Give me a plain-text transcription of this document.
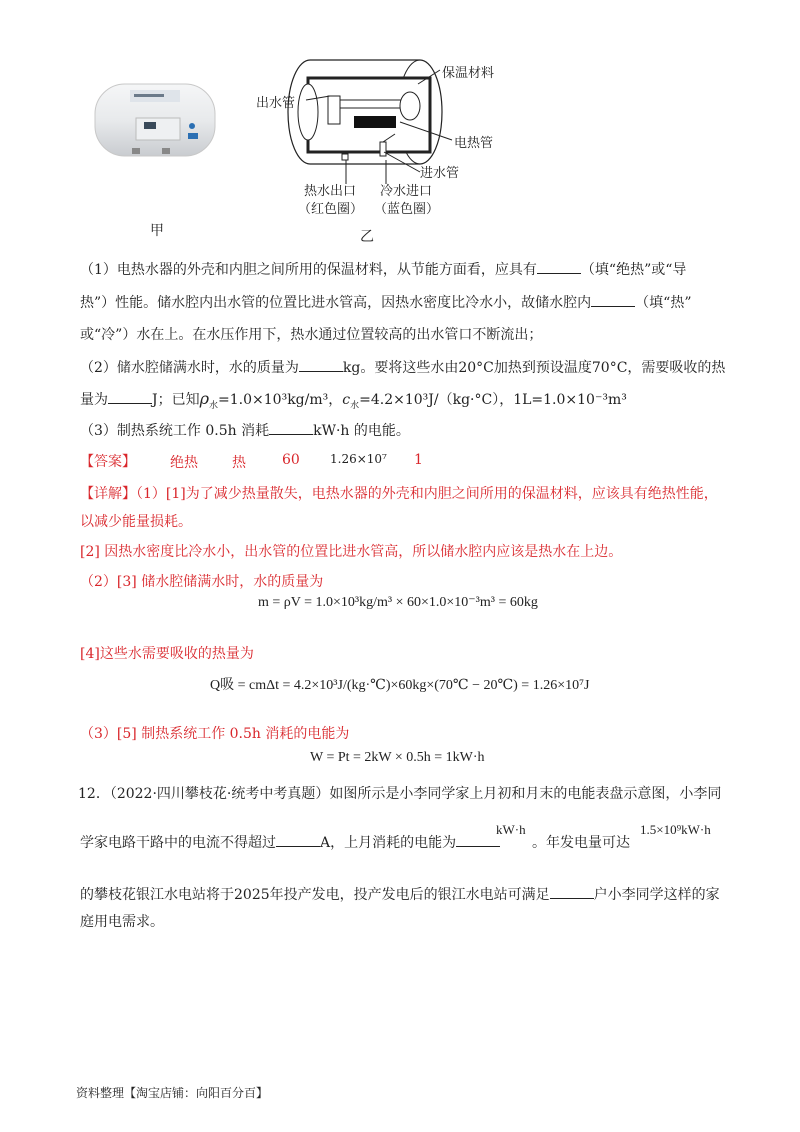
出水管
保温材料
电热管
进水管
热水出口
（红色圈）
冷水进口
（蓝色圈）
甲	乙
（1）电热水器的外壳和内胆之间所用的保温材料，从节能方面看，应具有	（填“绝热”或“导
热”）性能。储水腔内出水管的位置比进水管高，因热水密度比冷水小，故储水腔内	（填“热”
或“冷”）水在上。在水压作用下，热水通过位置较高的出水管口不断流出；
（2）储水腔储满水时，水的质量为	kg。要将这些水由20°C加热到预设温度70°C，需要吸收的热
量为	J；已知$\rho_水=1.0\times 10^3kg/m^3$，$c_水=4.2\times 10^3J/(kg\cdot^\circ C)$，1L=1.0×10⁻³m³
（3）制热系统工作 0.5h 消耗	kW·h 的电能。
【答案】 绝热 热	60	1.26×10⁷ 1
【详解】（1）[1]为了减少热量散失，电热水器的外壳和内胆之间所用的保温材料，应该具有绝热性能，
以减少能量损耗。
[2] 因热水密度比冷水小，出水管的位置比进水管高，所以储水腔内应该是热水在上边。
（2）[3] 储水腔储满水时，水的质量为
m = ρV = 1.0×10³kg/m³ × 60×1.0×10⁻³m³ = 60kg
[4]这些水需要吸收的热量为
Q吸 = cmΔt = 4.2×10³J/(kg·℃)×60kg×(70℃ − 20℃) = 1.26×10⁷J
（3）[5] 制热系统工作 0.5h 消耗的电能为
W = Pt = 2kW × 0.5h = 1kW·h
12．（2022·四川攀枝花·统考中考真题）如图所示是小李同学家上月初和月末的电能表盘示意图，小李同
学家电路干路中的电流不得超过	A，上月消耗的电能为
kW·h
。年发电量可达
1.5×10⁹kW·h
的攀枝花银江水电站将于2025年投产发电，投产发电后的银江水电站可满足	户小李同学这样的家
庭用电需求。
资料整理【淘宝店铺：向阳百分百】
